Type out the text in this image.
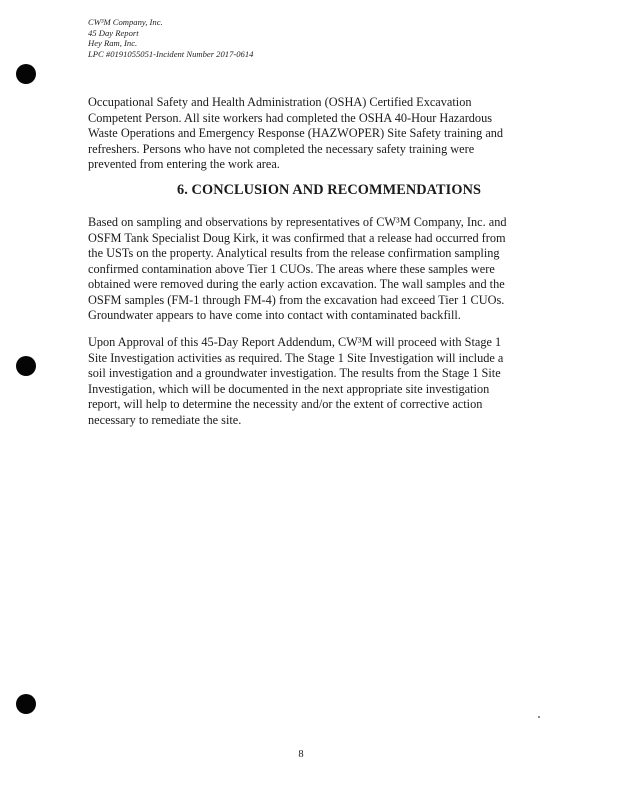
CW³M Company, Inc.
45 Day Report
Hey Ram, Inc.
LPC #0191055051-Incident Number 2017-0614

Occupational Safety and Health Administration (OSHA) Certified Excavation
Competent Person. All site workers had completed the OSHA 40-Hour Hazardous
Waste Operations and Emergency Response (HAZWOPER) Site Safety training and
refreshers. Persons who have not completed the necessary safety training were
prevented from entering the work area.

6. CONCLUSION AND RECOMMENDATIONS

Based on sampling and observations by representatives of CW³M Company, Inc. and
OSFM Tank Specialist Doug Kirk, it was confirmed that a release had occurred from
the USTs on the property. Analytical results from the release confirmation sampling
confirmed contamination above Tier 1 CUOs. The areas where these samples were
obtained were removed during the early action excavation. The wall samples and the
OSFM samples (FM-1 through FM-4) from the excavation had exceed Tier 1 CUOs.
Groundwater appears to have come into contact with contaminated backfill.

Upon Approval of this 45-Day Report Addendum, CW³M will proceed with Stage 1
Site Investigation activities as required. The Stage 1 Site Investigation will include a
soil investigation and a groundwater investigation. The results from the Stage 1 Site
Investigation, which will be documented in the next appropriate site investigation
report, will help to determine the necessity and/or the extent of corrective action
necessary to remediate the site.

8
